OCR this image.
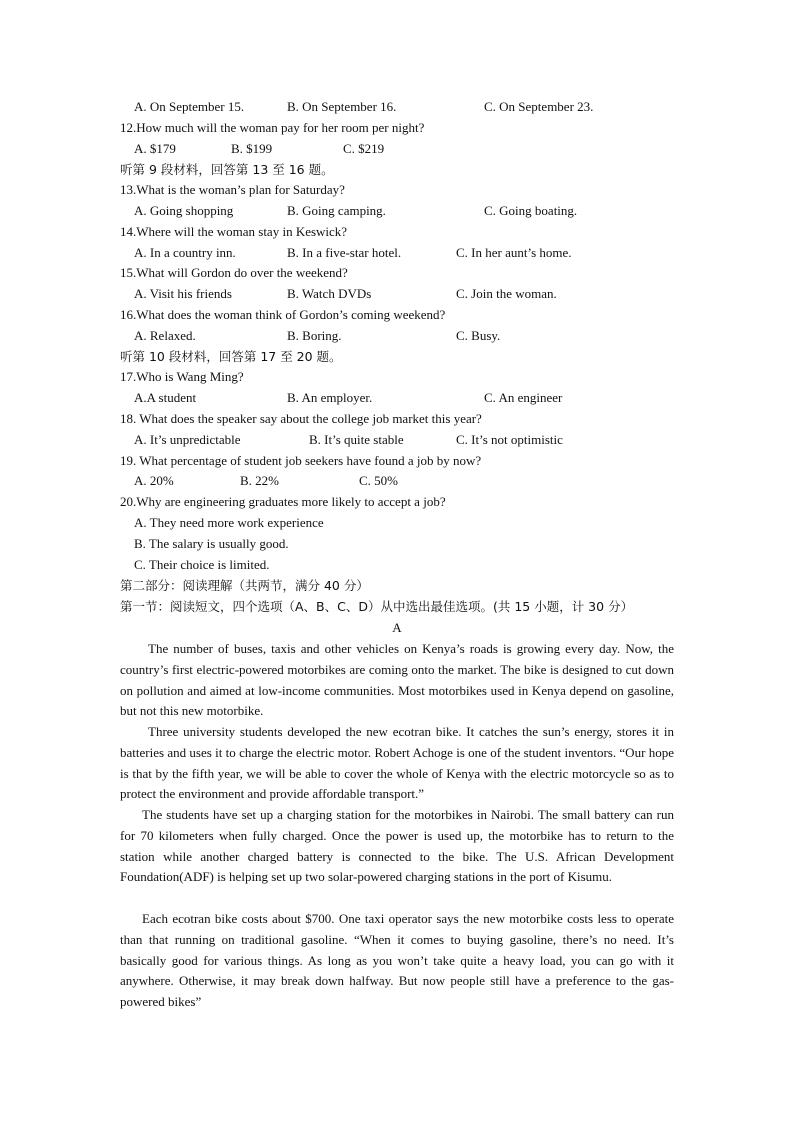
A. On September 15.	B. On September 16.	C. On September 23.
12.How much will the woman pay for her room per night?
A. $179	B. $199	C. $219
听第 9 段材料，回答第 13 至 16 题。
13.What is the woman’s plan for Saturday?
A. Going shopping	B. Going camping.	C. Going boating.
14.Where will the woman stay in Keswick?
A. In a country inn.	B. In a five-star hotel.	C. In her aunt’s home.
15.What will Gordon do over the weekend?
A. Visit his friends	B. Watch DVDs	C. Join the woman.
16.What does the woman think of Gordon’s coming weekend?
A. Relaxed.	B. Boring.	C. Busy.
听第 10 段材料，回答第 17 至 20 题。
17.Who is Wang Ming?
A.A student	B. An employer.	C. An engineer
18. What does the speaker say about the college job market this year?
A. It’s unpredictable	B. It’s quite stable	C. It’s not optimistic
19. What percentage of student job seekers have found a job by now?
A. 20%	B. 22%	C. 50%
20.Why are engineering graduates more likely to accept a job?
A. They need more work experience
B. The salary is usually good.
C. Their choice is limited.
第二部分：阅读理解（共两节，满分 40 分）
第一节：阅读短文，四个选项（A、B、C、D）从中选出最佳选项。(共 15 小题，计 30 分）
A

The number of buses, taxis and other vehicles on Kenya’s roads is growing every day. Now, the country’s first electric-powered motorbikes are coming onto the market. The bike is designed to cut down on pollution and aimed at low-income communities. Most motorbikes used in Kenya depend on gasoline, but not this new motorbike.

Three university students developed the new ecotran bike. It catches the sun’s energy, stores it in batteries and uses it to charge the electric motor. Robert Achoge is one of the student inventors. “Our hope is that by the fifth year, we will be able to cover the whole of Kenya with the electric motorcycle so as to protect the environment and provide affordable transport.”

The students have set up a charging station for the motorbikes in Nairobi. The small battery can run for 70 kilometers when fully charged. Once the power is used up, the motorbike has to return to the station while another charged battery is connected to the bike. The U.S. African Development Foundation(ADF) is helping set up two solar-powered charging stations in the port of Kisumu.

Each ecotran bike costs about $700. One taxi operator says the new motorbike costs less to operate than that running on traditional gasoline. “When it comes to buying gasoline, there’s no need. It’s basically good for various things. As long as you won’t take quite a heavy load, you can go with it anywhere. Otherwise, it may break down halfway. But now people still have a preference to the gas-powered bikes”
